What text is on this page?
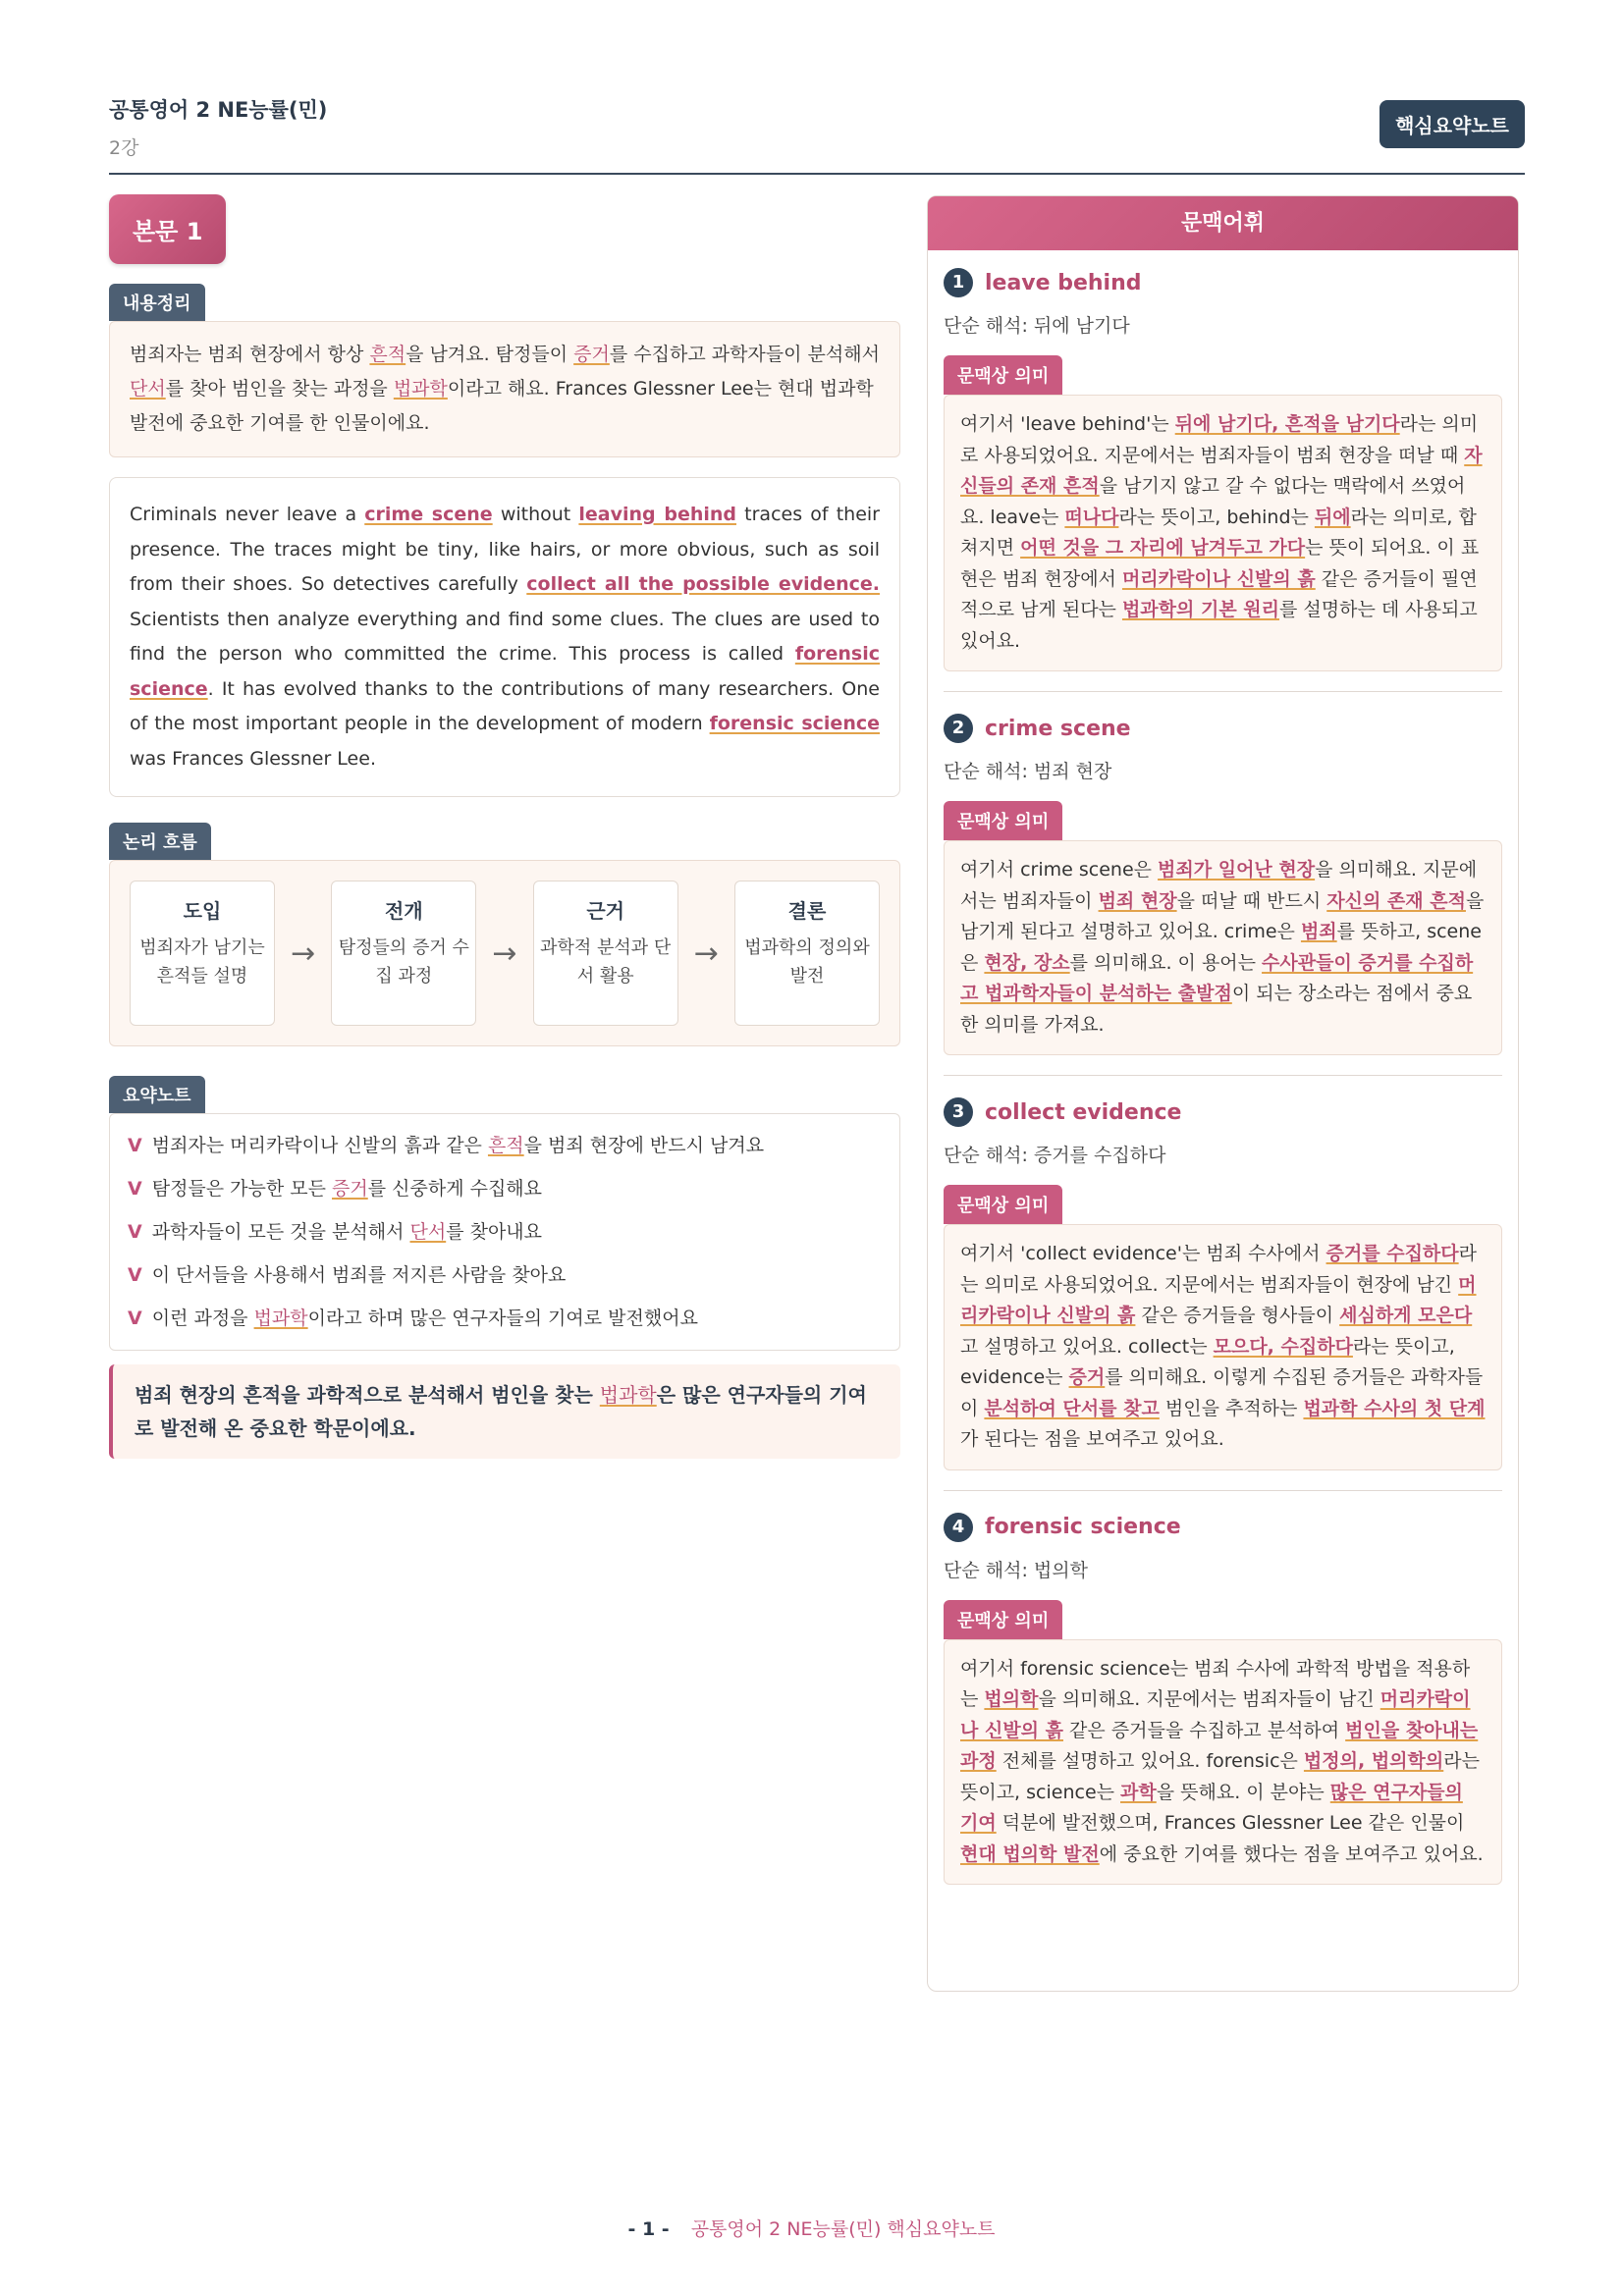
공통영어 2 NE능률(민)
2강
핵심요약노트
본문 1
내용정리
범죄자는 범죄 현장에서 항상 흔적을 남겨요. 탐정들이 증거를 수집하고 과학자들이 분석해서 단서를 찾아 범인을 찾는 과정을 법과학이라고 해요. Frances Glessner Lee는 현대 법과학 발전에 중요한 기여를 한 인물이에요.
Criminals never leave a crime scene without leaving behind traces of their presence. The traces might be tiny, like hairs, or more obvious, such as soil from their shoes. So detectives carefully collect all the possible evidence. Scientists then analyze everything and find some clues. The clues are used to find the person who committed the crime. This process is called forensic science. It has evolved thanks to the contributions of many researchers. One of the most important people in the development of modern forensic science was Frances Glessner Lee.
논리 흐름
도입
범죄자가 남기는 흔적들 설명
→
전개
탐정들의 증거 수집 과정
→
근거
과학적 분석과 단서 활용
→
결론
법과학의 정의와 발전
요약노트
V 범죄자는 머리카락이나 신발의 흙과 같은 흔적을 범죄 현장에 반드시 남겨요
V 탐정들은 가능한 모든 증거를 신중하게 수집해요
V 과학자들이 모든 것을 분석해서 단서를 찾아내요
V 이 단서들을 사용해서 범죄를 저지른 사람을 찾아요
V 이런 과정을 법과학이라고 하며 많은 연구자들의 기여로 발전했어요
범죄 현장의 흔적을 과학적으로 분석해서 범인을 찾는 법과학은 많은 연구자들의 기여로 발전해 온 중요한 학문이에요.
문맥어휘
1 leave behind
단순 해석: 뒤에 남기다
문맥상 의미
여기서 'leave behind'는 뒤에 남기다, 흔적을 남기다라는 의미로 사용되었어요. 지문에서는 범죄자들이 범죄 현장을 떠날 때 자신들의 존재 흔적을 남기지 않고 갈 수 없다는 맥락에서 쓰였어요. leave는 떠나다라는 뜻이고, behind는 뒤에라는 의미로, 합쳐지면 어떤 것을 그 자리에 남겨두고 가다는 뜻이 되어요. 이 표현은 범죄 현장에서 머리카락이나 신발의 흙 같은 증거들이 필연적으로 남게 된다는 법과학의 기본 원리를 설명하는 데 사용되고 있어요.
2 crime scene
단순 해석: 범죄 현장
문맥상 의미
여기서 crime scene은 범죄가 일어난 현장을 의미해요. 지문에서는 범죄자들이 범죄 현장을 떠날 때 반드시 자신의 존재 흔적을 남기게 된다고 설명하고 있어요. crime은 범죄를 뜻하고, scene은 현장, 장소를 의미해요. 이 용어는 수사관들이 증거를 수집하고 법과학자들이 분석하는 출발점이 되는 장소라는 점에서 중요한 의미를 가져요.
3 collect evidence
단순 해석: 증거를 수집하다
문맥상 의미
여기서 'collect evidence'는 범죄 수사에서 증거를 수집하다라는 의미로 사용되었어요. 지문에서는 범죄자들이 현장에 남긴 머리카락이나 신발의 흙 같은 증거들을 형사들이 세심하게 모은다고 설명하고 있어요. collect는 모으다, 수집하다라는 뜻이고, evidence는 증거를 의미해요. 이렇게 수집된 증거들은 과학자들이 분석하여 단서를 찾고 범인을 추적하는 법과학 수사의 첫 단계가 된다는 점을 보여주고 있어요.
4 forensic science
단순 해석: 법의학
문맥상 의미
여기서 forensic science는 범죄 수사에 과학적 방법을 적용하는 법의학을 의미해요. 지문에서는 범죄자들이 남긴 머리카락이나 신발의 흙 같은 증거들을 수집하고 분석하여 범인을 찾아내는 과정 전체를 설명하고 있어요. forensic은 법정의, 법의학의라는 뜻이고, science는 과학을 뜻해요. 이 분야는 많은 연구자들의 기여 덕분에 발전했으며, Frances Glessner Lee 같은 인물이 현대 법의학 발전에 중요한 기여를 했다는 점을 보여주고 있어요.
- 1 - 공통영어 2 NE능률(민) 핵심요약노트
